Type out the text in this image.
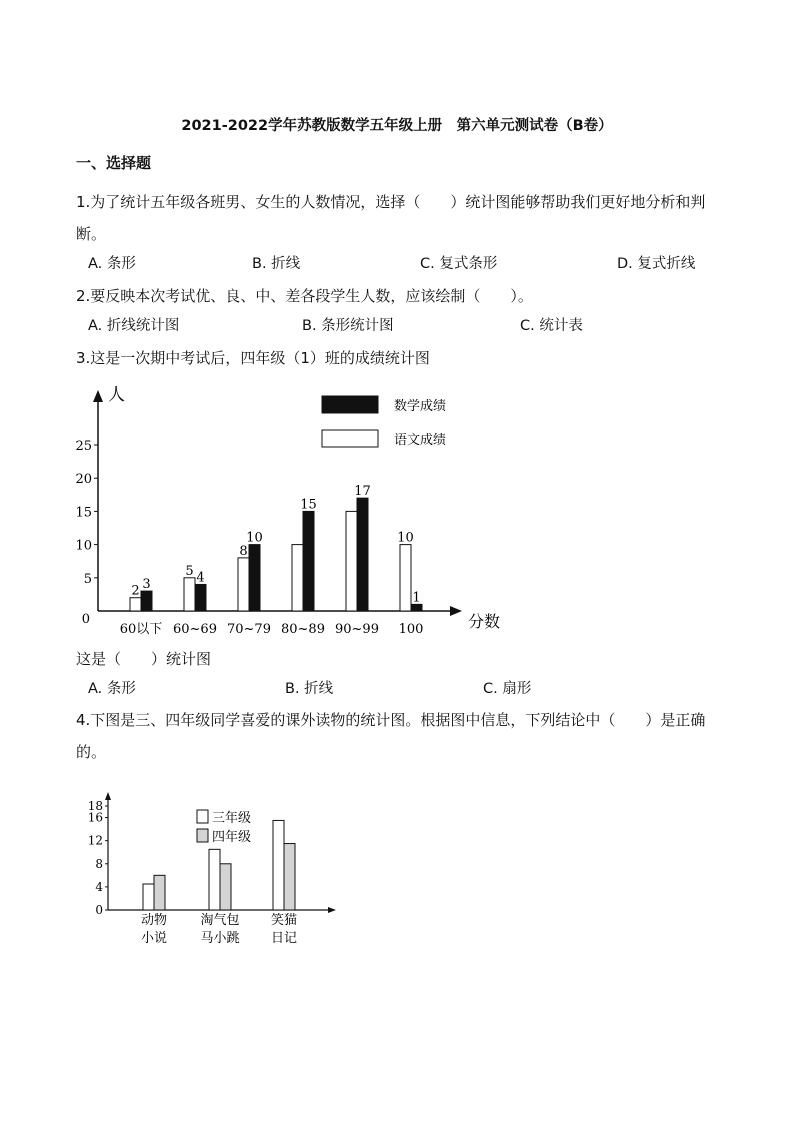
2021-2022学年苏教版数学五年级上册　第六单元测试卷（B卷）
一、选择题
1.为了统计五年级各班男、女生的人数情况，选择（　　）统计图能够帮助我们更好地分析和判断。
A. 条形	B. 折线	C. 复式条形	D. 复式折线
2.要反映本次考试优、良、中、差各段学生人数，应该绘制（　　）。
A. 折线统计图	B. 条形统计图	C. 统计表
3.这是一次期中考试后，四年级（1）班的成绩统计图
人
分数
0
5
10
15
20
25
2 3
60以下
5 4
60~69
8
10
70~79
15
80~89
17
90~99
10
1
100
数学成绩
语文成绩
这是（　　）统计图
A. 条形	B. 折线	C. 扇形
4.下图是三、四年级同学喜爱的课外读物的统计图。根据图中信息，下列结论中（　　）是正确的。
0
4
8
12
16
18
动物
小说
淘气包
马小跳
笑猫
日记
三年级
四年级
